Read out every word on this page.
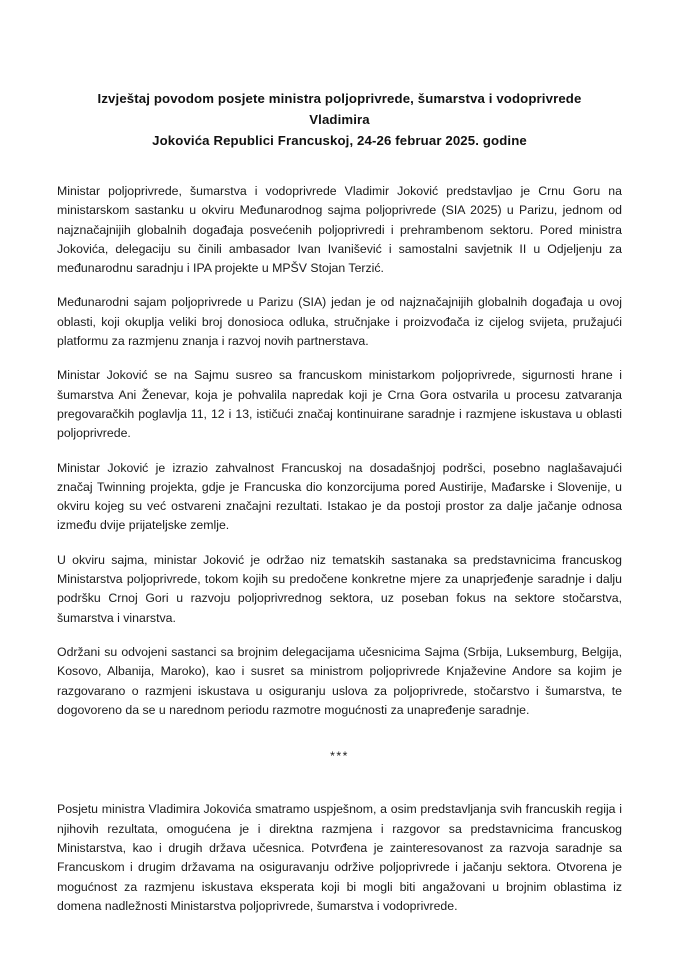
Izvještaj povodom posjete ministra poljoprivrede, šumarstva i vodoprivrede Vladimira
Jokovića Republici Francuskoj, 24-26 februar 2025. godine

Ministar poljoprivrede, šumarstva i vodoprivrede Vladimir Joković predstavljao je Crnu Goru na ministarskom sastanku u okviru Međunarodnog sajma poljoprivrede (SIA 2025) u Parizu, jednom od najznačajnijih globalnih događaja posvećenih poljoprivredi i prehrambenom sektoru. Pored ministra Jokovića, delegaciju su činili ambasador Ivan Ivanišević i samostalni savjetnik II u Odjeljenju za međunarodnu saradnju i IPA projekte u MPŠV Stojan Terzić.

Međunarodni sajam poljoprivrede u Parizu (SIA) jedan je od najznačajnijih globalnih događaja u ovoj oblasti, koji okuplja veliki broj donosioca odluka, stručnjake i proizvođača iz cijelog svijeta, pružajući platformu za razmjenu znanja i razvoj novih partnerstava.

Ministar Joković se na Sajmu susreo sa francuskom ministarkom poljoprivrede, sigurnosti hrane i šumarstva Ani Ženevar, koja je pohvalila napredak koji je Crna Gora ostvarila u procesu zatvaranja pregovaračkih poglavlja 11, 12 i 13, ističući značaj kontinuirane saradnje i razmjene iskustava u oblasti poljoprivrede.

Ministar Joković je izrazio zahvalnost Francuskoj na dosadašnjoj podršci, posebno naglašavajući značaj Twinning projekta, gdje je Francuska dio konzorcijuma pored Austirije, Mađarske i Slovenije, u okviru kojeg su već ostvareni značajni rezultati. Istakao je da postoji prostor za dalje jačanje odnosa između dvije prijateljske zemlje.

U okviru sajma, ministar Joković je održao niz tematskih sastanaka sa predstavnicima francuskog Ministarstva poljoprivrede, tokom kojih su predočene konkretne mjere za unaprjeđenje saradnje i dalju podršku Crnoj Gori u razvoju poljoprivrednog sektora, uz poseban fokus na sektore stočarstva, šumarstva i vinarstva.

Održani su odvojeni sastanci sa brojnim delegacijama učesnicima Sajma (Srbija, Luksemburg, Belgija, Kosovo, Albanija, Maroko), kao i susret sa ministrom poljoprivrede Knjaževine Andore sa kojim je razgovarano o razmjeni iskustava u osiguranju uslova za poljoprivrede, stočarstvo i šumarstva, te dogovoreno da se u narednom periodu razmotre mogućnosti za unapređenje saradnje.

***

Posjetu ministra Vladimira Jokovića smatramo uspješnom, a osim predstavljanja svih francuskih regija i njihovih rezultata, omogućena je i direktna razmjena i razgovor sa predstavnicima francuskog Ministarstva, kao i drugih država učesnica. Potvrđena je zainteresovanost za razvoja saradnje sa Francuskom i drugim državama na osiguravanju održive poljoprivrede i jačanju sektora. Otvorena je mogućnost za razmjenu iskustava eksperata koji bi mogli biti angažovani u brojnim oblastima iz domena nadležnosti Ministarstva poljoprivrede, šumarstva i vodoprivrede.
